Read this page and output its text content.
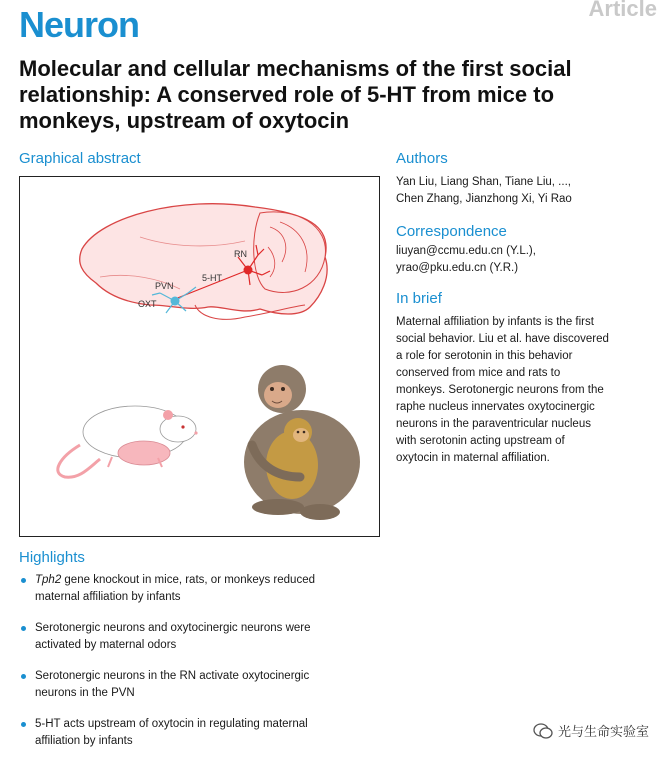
Neuron	Article
Molecular and cellular mechanisms of the first social relationship: A conserved role of 5-HT from mice to monkeys, upstream of oxytocin
Graphical abstract
RN
5-HT
PVN
OXT
Authors
Yan Liu, Liang Shan, Tiane Liu, ...,
Chen Zhang, Jianzhong Xi, Yi Rao
Correspondence
liuyan@ccmu.edu.cn (Y.L.),
yrao@pku.edu.cn (Y.R.)
In brief
Maternal affiliation by infants is the first
social behavior. Liu et al. have discovered
a role for serotonin in this behavior
conserved from mice and rats to
monkeys. Serotonergic neurons from the
raphe nucleus innervates oxytocinergic
neurons in the paraventricular nucleus
with serotonin acting upstream of
oxytocin in maternal affiliation.
Highlights
Tph2 gene knockout in mice, rats, or monkeys reduced
maternal affiliation by infants
Serotonergic neurons and oxytocinergic neurons were
activated by maternal odors
Serotonergic neurons in the RN activate oxytocinergic
neurons in the PVN
5-HT acts upstream of oxytocin in regulating maternal
affiliation by infants
光与生命实验室
